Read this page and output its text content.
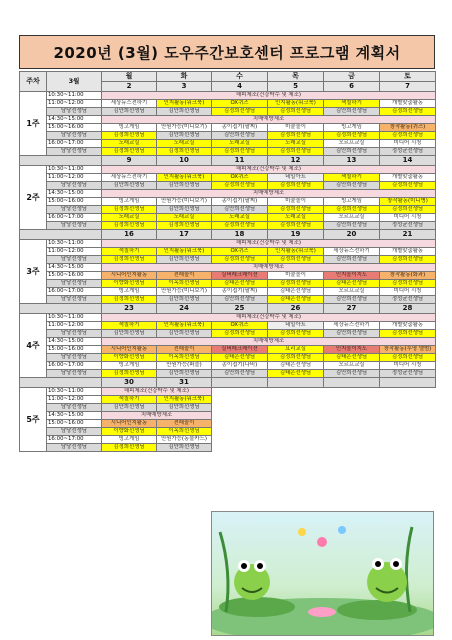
2020년 (3월) 도우주간보호센터 프로그램 계획서
주차	3월	월	화	수	목	금	토
		2	3	4	5	6	7
1주	10:30~11:00	해피체조(건강박수 및 체조)					
	11:00~12:00	세상뉴스전하기	인지활동(워크북)	OX퀴즈	인지활동(워크북)	색칠하기	개별맞춤활동
	담당선생님	김안희선생님	김안희선생님	김정희선생님	김정희선생님	김안희선생님	김정희선생님
	14:30~15:00	치매예방체조					
	15:00~16:00	빙고게임	만원가능(미니보기)	종이접기(팔찌)	미술놀이	빙고게임	창작활동(퀴즈)
	담당선생님	김정희선생님	김안희선생님	김안희선생님	김정희선생님	김정희선생님	김정희선생님
	16:00~17:00	노래교실	노래교실	노래교실	노래교실	오르프교실	미디어 시청
	담당선생님	김정희선생님	김정희선생님	김정희선생님	김정희선생님	김안희선생님	정성균선생님
		9	10	11	12	13	14
2주	10:30~11:00	해피체조(건강박수 및 체조)					
	11:00~12:00	세상뉴스전하기	인지활동(워크북)	OX퀴즈	네일아트	색칠하기	개별맞춤활동
	담당선생님	김안희선생님	김안희선생님	김정희선생님	김정희선생님	김안희선생님	김정희선생님
	14:30~15:00	치매예방체조					
	15:00~16:00	빙고게임	만원가능(미니보기)	종이접기(팔찌)	미술놀이	빙고게임	창작활동(미니병)
	담당선생님	김정희선생님	김안희선생님	김안희선생님	김정희선생님	김정희선생님	김정희선생님
	16:00~17:00	노래교실	노래교실	노래교실	노래교실	오르프교실	미디어 시청
	담당선생님	김정희선생님	김정희선생님	김정희선생님	김정희선생님	김안희선생님	정성균선생님
		16	17	18	19	20	21
3주	10:30~11:00	해피체조(건강박수 및 체조)					
	11:00~12:00	색칠하기	인지활동(워크북)	OX퀴즈	인지활동(워크북)	세상뉴스전하기	개별맞춤활동
	담당선생님	김정희선생님	김안희선생님	김정희선생님	김정희선생님	김안희선생님	김정희선생님
	14:30~15:00	치매예방체조					
	15:00~16:00	시니어인지활동	전래놀이	실버레크레이션	미술놀이	인지놀이지도	창작활동(화과)
	담당선생님	이향화선생님	이옥희선생님	김태은선생님	김정희선생님	김태은선생님	김정희선생님
	16:00~17:00	빙고게임	만원가능(미니보기)	종이접기(팔찌)	김태은선생님	오르프교실	미디어 시청
	담당선생님	김정희선생님	김안희선생님	김안희선생님	김태은선생님	김안희선생님	정성균선생님
		23	24	25	26	27	28
4주	10:30~11:00	해피체조(건강박수 및 체조)					
	11:00~12:00	색칠하기	인지활동(워크북)	OX퀴즈	네일아트	세상뉴스전하기	개별맞춤활동
	담당선생님	김안희선생님	김안희선생님	김정희선생님	김정희선생님	김안희선생님	김정희선생님
	14:30~15:00	치매예방체조					
	15:00~16:00	시니어인지활동	전래놀이	실버레크레이션	요리교실	인지놀이지도	창작활동(투명 앨범)
	담당선생님	이향화선생님	이옥희선생님	김태은선생님	김정희선생님	김태은선생님	김정희선생님
	16:00~17:00	빙고게임	만원가능(퍼즐)	종이접기(나비)	김태은선생님	오르프교실	미디어 시청
	담당선생님	김정희선생님	김안희선생님	김안희선생님	김태은선생님	김안희선생님	정성균선생님
		30	31				
5주	10:30~11:00	해피체조(건강박수 및 체조)					
	11:00~12:00	색칠하기	인지활동(워크북)				
	담당선생님	김안희선생님	김안희선생님				
	14:30~15:00	치매예방체조					
	15:00~16:00	시니어인지활동	전래놀이				
	담당선생님	이향화선생님	이옥희선생님				
	16:00~17:00	빙고게임	만원가능(동물카드)				
	담당선생님	김정희선생님	김안희선생님				
